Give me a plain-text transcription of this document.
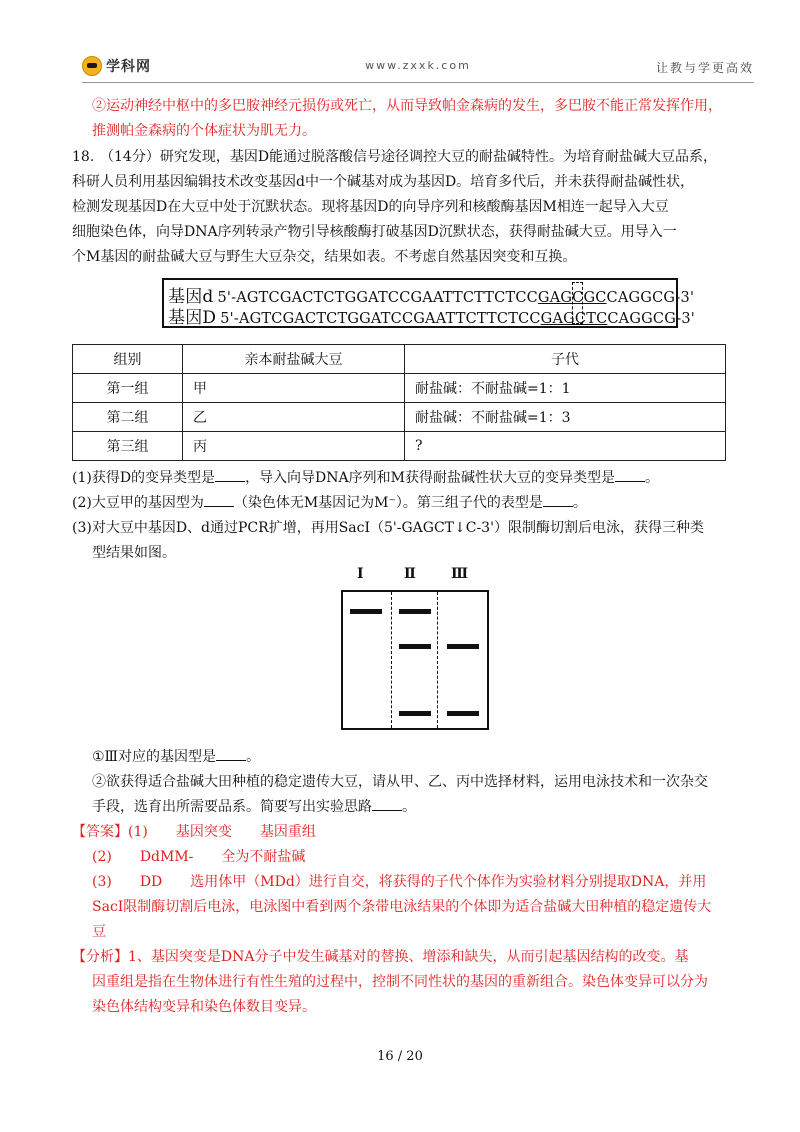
学科网	www.zxxk.com	让教与学更高效
②运动神经中枢中的多巴胺神经元损伤或死亡，从而导致帕金森病的发生，多巴胺不能正常发挥作用，
推测帕金森病的个体症状为肌无力。
18. （14分）研究发现，基因D能通过脱落酸信号途径调控大豆的耐盐碱特性。为培育耐盐碱大豆品系，
科研人员利用基因编辑技术改变基因d中一个碱基对成为基因D。培育多代后，并未获得耐盐碱性状，
检测发现基因D在大豆中处于沉默状态。现将基因D的向导序列和核酸酶基因M相连一起导入大豆
细胞染色体，向导DNA序列转录产物引导核酸酶打破基因D沉默状态，获得耐盐碱大豆。用导入一
个M基因的耐盐碱大豆与野生大豆杂交，结果如表。不考虑自然基因突变和互换。
基因d 5'-AGTCGACTCTGGATCCGAATTCTTCTCCGAGCGCCAGGCG-3'
基因D 5'-AGTCGACTCTGGATCCGAATTCTTCTCCGAGCTCCAGGCG-3'
组别	亲本耐盐碱大豆	子代
第一组	甲	耐盐碱：不耐盐碱=1：1
第二组	乙	耐盐碱：不耐盐碱=1：3
第三组	丙	?
(1)获得D的变异类型是 ，导入向导DNA序列和M获得耐盐碱性状大豆的变异类型是 。
(2)大豆甲的基因型为 （染色体无M基因记为M⁻）。第三组子代的表型是 。
(3)对大豆中基因D、d通过PCR扩增，再用SacI（5'-GAGCT↓C-3'）限制酶切割后电泳，获得三种类
型结果如图。
Ⅰ	Ⅱ	Ⅲ
①Ⅲ对应的基因型是 。
②欲获得适合盐碱大田种植的稳定遗传大豆，请从甲、乙、丙中选择材料，运用电泳技术和一次杂交
手段，选育出所需要品系。简要写出实验思路 。
【答案】(1)　　基因突变　　基因重组
(2)　　DdMM-　　全为不耐盐碱
(3)　　DD　　选用体甲（MDd）进行自交，将获得的子代个体作为实验材料分别提取DNA，并用
SacI限制酶切割后电泳，电泳图中看到两个条带电泳结果的个体即为适合盐碱大田种植的稳定遗传大
豆
【分析】1、基因突变是DNA分子中发生碱基对的替换、增添和缺失，从而引起基因结构的改变。基
因重组是指在生物体进行有性生殖的过程中，控制不同性状的基因的重新组合。染色体变异可以分为
染色体结构变异和染色体数目变异。
16 / 20
